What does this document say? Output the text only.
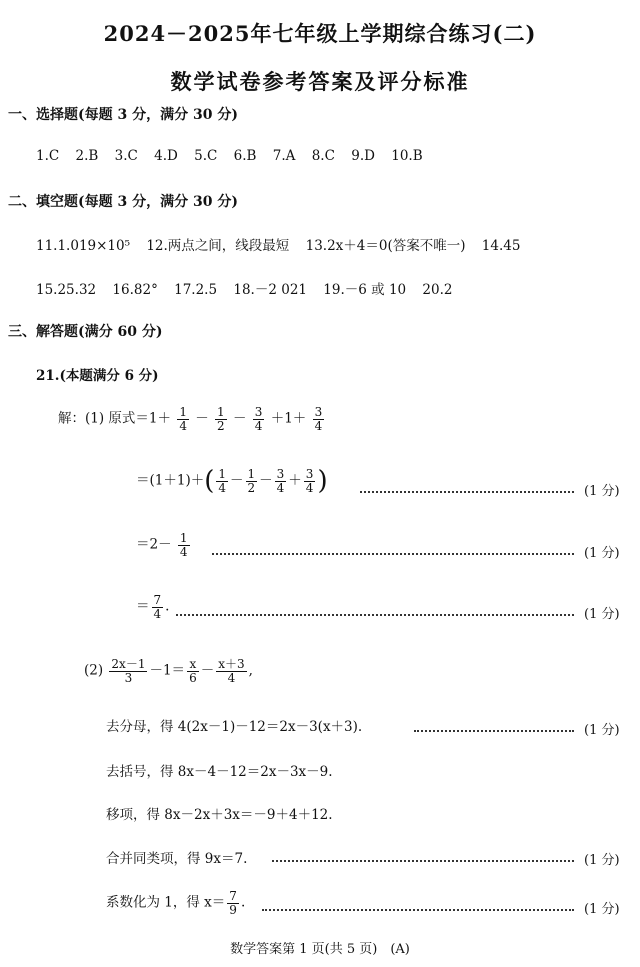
2024－2025年七年级上学期综合练习(二)
数学试卷参考答案及评分标准
一、选择题(每题 3 分，满分 30 分)
1.C 2.B 3.C 4.D 5.C 6.B 7.A 8.C 9.D 10.B
二、填空题(每题 3 分，满分 30 分)
11.1.019×10⁵ 12.两点之间，线段最短 13.2x＋4＝0(答案不唯一) 14.45
15.25.32 16.82° 17.2.5 18.－2 021 19.－6 或 10 20.2
三、解答题(满分 60 分)
21.(本题满分 6 分)
解：(1) 原式$=1+ \frac{1}{4} - \frac{1}{2} - \frac{3}{4} +1+ \frac{3}{4}$
$=(1+1)+( \frac{1}{4} - \frac{1}{2} - \frac{3}{4} + \frac{3}{4}$ )	(1 分)
$=2- \frac{1}{4}$	(1 分)
＝ $\frac{7}{4}$ .	(1 分)
$(2) \frac{2x-1}{3} -1= \frac{x}{6} - \frac{x+3}{4}$ ,
去分母，得 4(2x－1)－12＝2x－3(x＋3).	(1 分)
去括号，得 8x－4－12＝2x－3x－9.
移项，得 8x－2x＋3x＝－9＋4＋12.
合并同类项，得 9x＝7.	(1 分)
系数化为 1，得 $x= \frac{7}{9}$ .	(1 分)
数学答案第 1 页(共 5 页)　(A)
